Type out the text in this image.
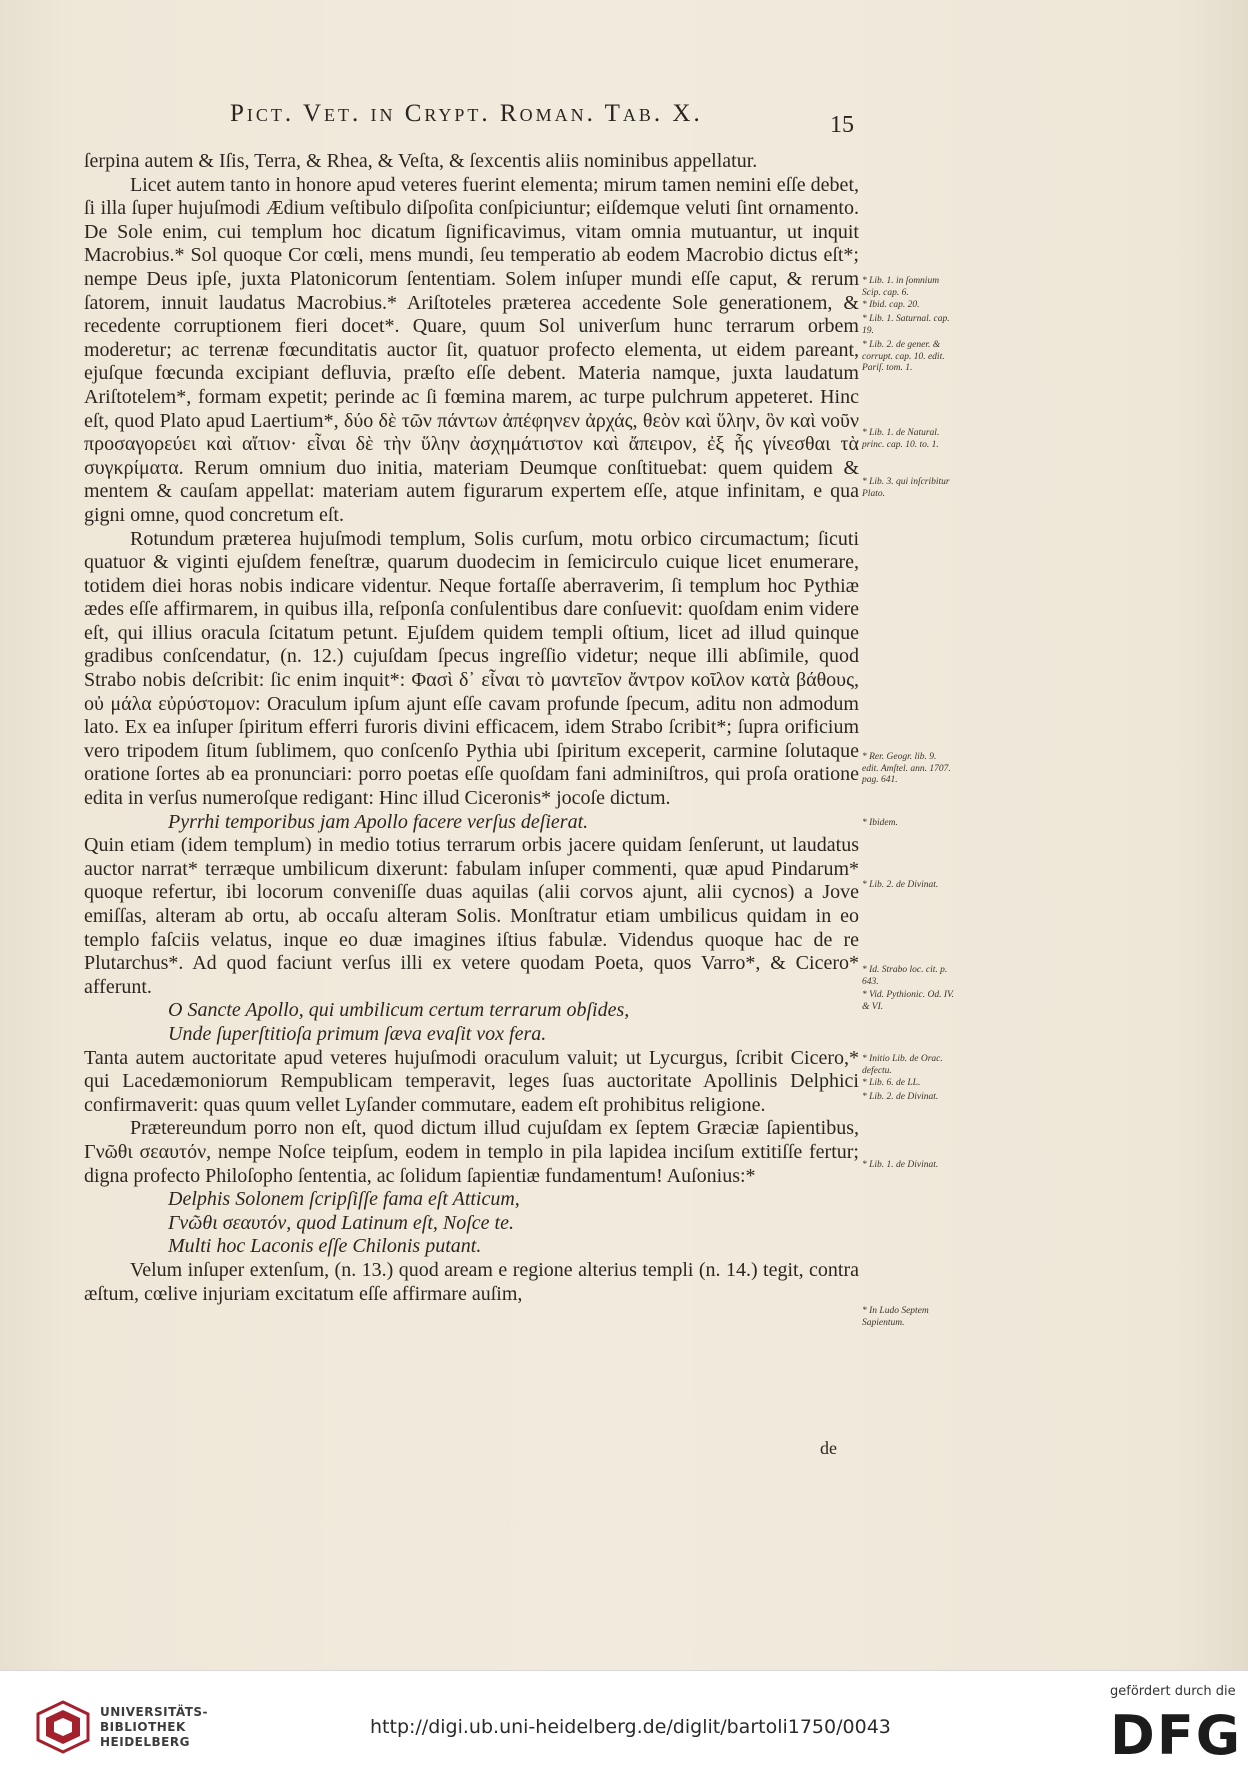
Pict. Vet. in Crypt. Roman. Tab. X.	15

ſerpina autem & Iſis, Terra, & Rhea, & Veſta, & ſexcentis aliis nominibus appellatur.

Licet autem tanto in honore apud veteres fuerint elementa; mirum tamen nemini eſſe debet, ſi illa ſuper hujuſmodi Ædium veſtibulo diſpoſita conſpiciuntur; eiſdemque veluti ſint ornamento. De Sole enim, cui templum hoc dicatum ſignificavimus, vitam omnia mutuantur, ut inquit Macrobius.* Sol quoque Cor cœli, mens mundi, ſeu temperatio ab eodem Macrobio dictus eſt*; nempe Deus ipſe, juxta Platonicorum ſententiam. Solem inſuper mundi eſſe caput, & rerum ſatorem, innuit laudatus Macrobius.* Ariſtoteles præterea accedente Sole generationem, & recedente corruptionem fieri docet*. Quare, quum Sol univerſum hunc terrarum orbem moderetur; ac terrenæ fœcunditatis auctor ſit, quatuor profecto elementa, ut eidem pareant, ejuſque fœcunda excipiant defluvia, præſto eſſe debent. Materia namque, juxta laudatum Ariſtotelem*, formam expetit; perinde ac ſi fœmina marem, ac turpe pulchrum appeteret. Hinc eſt, quod Plato apud Laertium*, δύο δὲ τῶν πάντων ἀπέφηνεν ἀρχάς, θεὸν καὶ ὕλην, ὃν καὶ νοῦν προσαγορεύει καὶ αἴτιον· εἶναι δὲ τὴν ὕλην ἀσχημάτιστον καὶ ἄπειρον, ἐξ ἧς γίνεσθαι τὰ συγκρίματα. Rerum omnium duo initia, materiam Deumque conſtituebat: quem quidem & mentem & cauſam appellat: materiam autem figurarum expertem eſſe, atque infinitam, e qua gigni omne, quod concretum eſt.

Rotundum præterea hujuſmodi templum, Solis curſum, motu orbico circumactum; ſicuti quatuor & viginti ejuſdem feneſtræ, quarum duodecim in ſemicirculo cuique licet enumerare, totidem diei horas nobis indicare videntur. Neque fortaſſe aberraverim, ſi templum hoc Pythiæ ædes eſſe affirmarem, in quibus illa, reſponſa conſulentibus dare conſuevit: quoſdam enim videre eſt, qui illius oracula ſcitatum petunt. Ejuſdem quidem templi oſtium, licet ad illud quinque gradibus conſcendatur, (n. 12.) cujuſdam ſpecus ingreſſio videtur; neque illi abſimile, quod Strabo nobis deſcribit: ſic enim inquit*: Φασὶ δ᾽ εἶναι τὸ μαντεῖον ἄντρον κοῖλον κατὰ βάθους, οὐ μάλα εὐρύστομον: Oraculum ipſum ajunt eſſe cavam profunde ſpecum, aditu non admodum lato. Ex ea inſuper ſpiritum efferri furoris divini efficacem, idem Strabo ſcribit*; ſupra orificium vero tripodem ſitum ſublimem, quo conſcenſo Pythia ubi ſpiritum exceperit, carmine ſolutaque oratione ſortes ab ea pronunciari: porro poetas eſſe quoſdam fani adminiſtros, qui proſa oratione edita in verſus numeroſque redigant: Hinc illud Ciceronis* jocoſe dictum.

Pyrrhi temporibus jam Apollo facere verſus deſierat.

Quin etiam (idem templum) in medio totius terrarum orbis jacere quidam ſenſerunt, ut laudatus auctor narrat* terræque umbilicum dixerunt: fabulam inſuper commenti, quæ apud Pindarum* quoque refertur, ibi locorum conveniſſe duas aquilas (alii corvos ajunt, alii cycnos) a Jove emiſſas, alteram ab ortu, ab occaſu alteram Solis. Monſtratur etiam umbilicus quidam in eo templo faſciis velatus, inque eo duæ imagines iſtius fabulæ. Videndus quoque hac de re Plutarchus*. Ad quod faciunt verſus illi ex vetere quodam Poeta, quos Varro*, & Cicero* afferunt.

O Sancte Apollo, qui umbilicum certum terrarum obſides,

Unde ſuperſtitioſa primum ſæva evaſit vox fera.

Tanta autem auctoritate apud veteres hujuſmodi oraculum valuit; ut Lycurgus, ſcribit Cicero,* qui Lacedæmoniorum Rempublicam temperavit, leges ſuas auctoritate Apollinis Delphici confirmaverit: quas quum vellet Lyſander commutare, eadem eſt prohibitus religione.

Prætereundum porro non eſt, quod dictum illud cujuſdam ex ſeptem Græciæ ſapientibus, Γνῶθι σεαυτόν, nempe Noſce teipſum, eodem in templo in pila lapidea inciſum extitiſſe fertur; digna profecto Philoſopho ſententia, ac ſolidum ſapientiæ fundamentum! Auſonius:*

Delphis Solonem ſcripſiſſe fama eſt Atticum,

Γνῶθι σεαυτόν, quod Latinum eſt, Noſce te.

Multi hoc Laconis eſſe Chilonis putant.

Velum inſuper extenſum, (n. 13.) quod aream e regione alterius templi (n. 14.) tegit, contra æſtum, cœlive injuriam excitatum eſſe affirmare auſim,

de
* Lib. 1. in ſomnium Scip. cap. 6.
* Ibid. cap. 20.
* Lib. 1. Saturnal. cap. 19.
* Lib. 2. de gener. & corrupt. cap. 10. edit. Pariſ. tom. 1.
* Lib. 1. de Natural. princ. cap. 10. to. 1.
* Lib. 3. qui inſcribitur Plato.
* Rer. Geogr. lib. 9. edit. Amſtel. ann. 1707. pag. 641.
* Ibidem.
* Lib. 2. de Divinat.
* Id. Strabo loc. cit. p. 643.
* Vid. Pythionic. Od. IV. & VI.
* Initio Lib. de Orac. defectu.
* Lib. 6. de LL.
* Lib. 2. de Divinat.
* Lib. 1. de Divinat.
* In Ludo Septem Sapientum.
UNIVERSITÄTS-
BIBLIOTHEK
HEIDELBERG
http://digi.ub.uni-heidelberg.de/diglit/bartoli1750/0043
gefördert durch die
DFG
